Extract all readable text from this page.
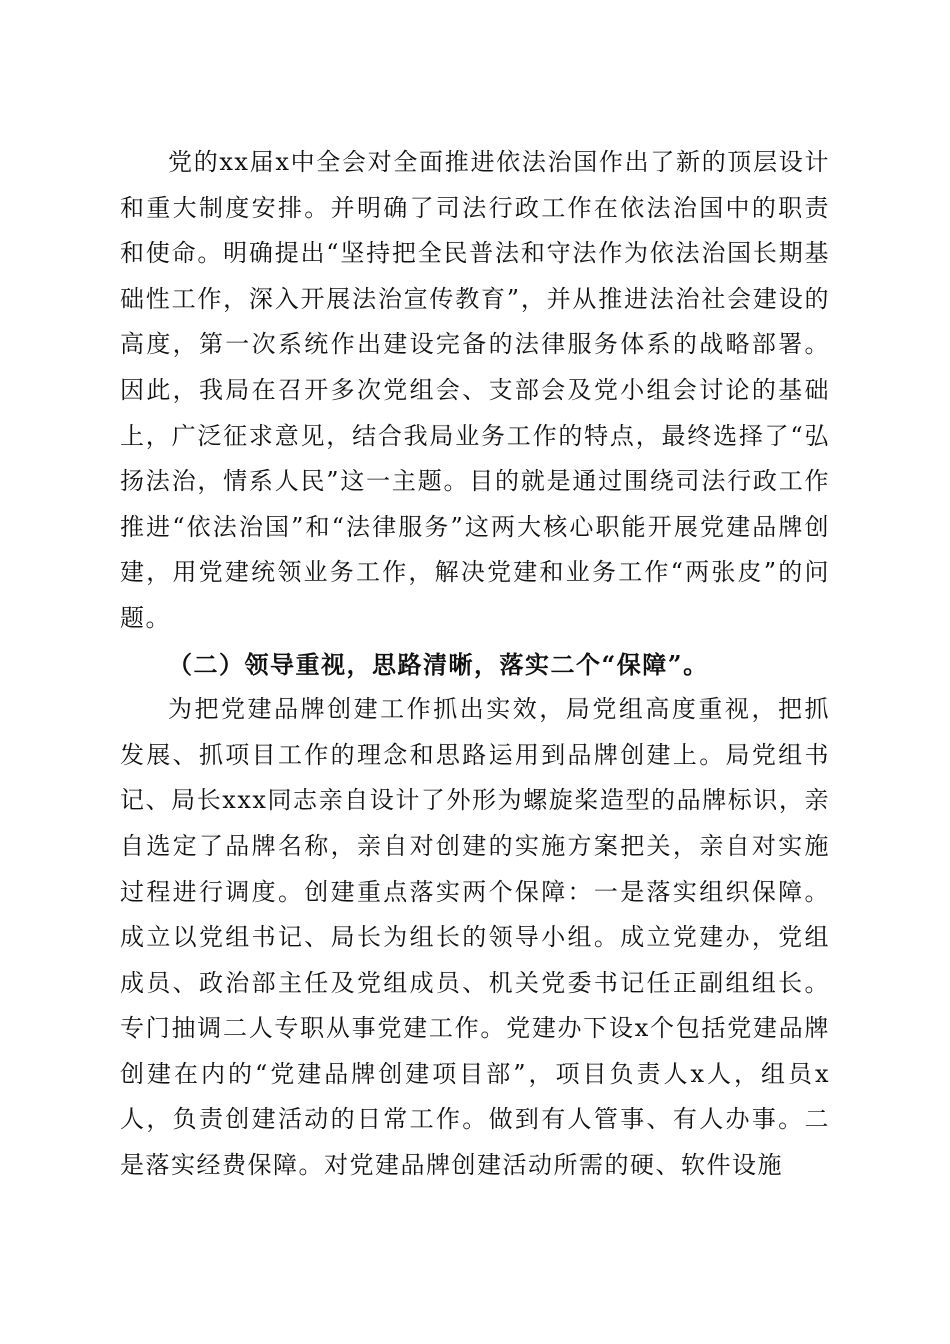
党的xx届x中全会对全面推进依法治国作出了新的顶层设计和重大制度安排。并明确了司法行政工作在依法治国中的职责和使命。明确提出“坚持把全民普法和守法作为依法治国长期基础性工作，深入开展法治宣传教育”，并从推进法治社会建设的高度，第一次系统作出建设完备的法律服务体系的战略部署。因此，我局在召开多次党组会、支部会及党小组会讨论的基础上，广泛征求意见，结合我局业务工作的特点，最终选择了“弘扬法治，情系人民”这一主题。目的就是通过围绕司法行政工作推进“依法治国”和“法律服务”这两大核心职能开展党建品牌创建，用党建统领业务工作，解决党建和业务工作“两张皮”的问题。

（二）领导重视，思路清晰，落实二个“保障”。

为把党建品牌创建工作抓出实效，局党组高度重视，把抓发展、抓项目工作的理念和思路运用到品牌创建上。局党组书记、局长xxx同志亲自设计了外形为螺旋桨造型的品牌标识，亲自选定了品牌名称，亲自对创建的实施方案把关，亲自对实施过程进行调度。创建重点落实两个保障：一是落实组织保障。成立以党组书记、局长为组长的领导小组。成立党建办，党组成员、政治部主任及党组成员、机关党委书记任正副组组长。专门抽调二人专职从事党建工作。党建办下设x个包括党建品牌创建在内的“党建品牌创建项目部”，项目负责人x人，组员x人，负责创建活动的日常工作。做到有人管事、有人办事。二是落实经费保障。对党建品牌创建活动所需的硬、软件设施
